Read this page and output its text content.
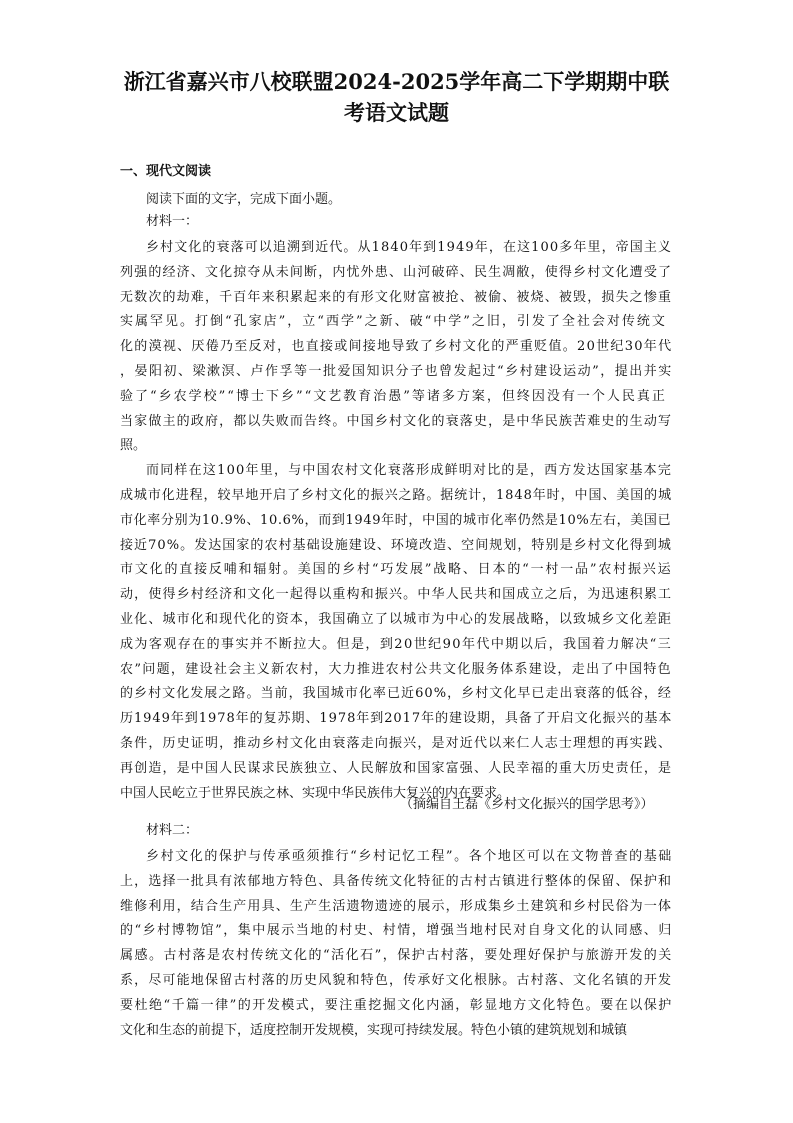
浙江省嘉兴市八校联盟2024-2025学年高二下学期期中联
考语文试题
一、现代文阅读
阅读下面的文字，完成下面小题。
材料一：
乡村文化的衰落可以追溯到近代。从1840年到1949年，在这100多年里，帝国主义
列强的经济、文化掠夺从未间断，内忧外患、山河破碎、民生凋敝，使得乡村文化遭受了
无数次的劫难，千百年来积累起来的有形文化财富被抢、被偷、被烧、被毁，损失之惨重
实属罕见。打倒“孔家店”，立“西学”之新、破“中学”之旧，引发了全社会对传统文
化的漠视、厌倦乃至反对，也直接或间接地导致了乡村文化的严重贬值。20世纪30年代
，晏阳初、梁漱溟、卢作孚等一批爱国知识分子也曾发起过“乡村建设运动”，提出并实
验了“乡农学校”“博士下乡”“文艺教育治愚”等诸多方案，但终因没有一个人民真正
当家做主的政府，都以失败而告终。中国乡村文化的衰落史，是中华民族苦难史的生动写
照。
而同样在这100年里，与中国农村文化衰落形成鲜明对比的是，西方发达国家基本完
成城市化进程，较早地开启了乡村文化的振兴之路。据统计，1848年时，中国、美国的城
市化率分别为10.9%、10.6%，而到1949年时，中国的城市化率仍然是10%左右，美国已
接近70%。发达国家的农村基础设施建设、环境改造、空间规划，特别是乡村文化得到城
市文化的直接反哺和辐射。美国的乡村“巧发展”战略、日本的“一村一品”农村振兴运
动，使得乡村经济和文化一起得以重构和振兴。中华人民共和国成立之后，为迅速积累工
业化、城市化和现代化的资本，我国确立了以城市为中心的发展战略，以致城乡文化差距
成为客观存在的事实并不断拉大。但是，到20世纪90年代中期以后，我国着力解决“三
农”问题，建设社会主义新农村，大力推进农村公共文化服务体系建设，走出了中国特色
的乡村文化发展之路。当前，我国城市化率已近60%，乡村文化早已走出衰落的低谷，经
历1949年到1978年的复苏期、1978年到2017年的建设期，具备了开启文化振兴的基本
条件，历史证明，推动乡村文化由衰落走向振兴，是对近代以来仁人志士理想的再实践、
再创造，是中国人民谋求民族独立、人民解放和国家富强、人民幸福的重大历史责任，是
中国人民屹立于世界民族之林、实现中华民族伟大复兴的内在要求。
（摘编自王磊《乡村文化振兴的国学思考》）
材料二：
乡村文化的保护与传承亟须推行“乡村记忆工程”。各个地区可以在文物普查的基础
上，选择一批具有浓郁地方特色、具备传统文化特征的古村古镇进行整体的保留、保护和
维修利用，结合生产用具、生产生活遗物遗迹的展示，形成集乡土建筑和乡村民俗为一体
的“乡村博物馆”，集中展示当地的村史、村情，增强当地村民对自身文化的认同感、归
属感。古村落是农村传统文化的“活化石”，保护古村落，要处理好保护与旅游开发的关
系，尽可能地保留古村落的历史风貌和特色，传承好文化根脉。古村落、文化名镇的开发
要杜绝“千篇一律”的开发模式，要注重挖掘文化内涵，彰显地方文化特色。要在以保护
文化和生态的前提下，适度控制开发规模，实现可持续发展。特色小镇的建筑规划和城镇
